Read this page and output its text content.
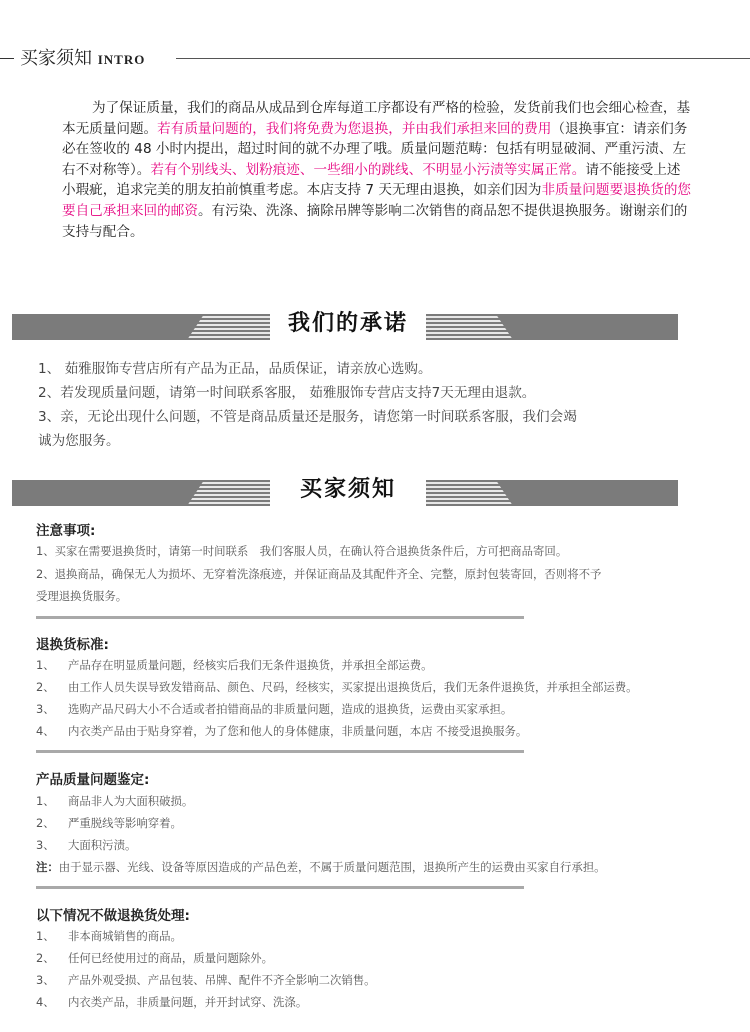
买家须知 INTRO
为了保证质量，我们的商品从成品到仓库每道工序都设有严格的检验，发货前我们也会细心检查，基本无质量问题。若有质量问题的，我们将免费为您退换，并由我们承担来回的费用（退换事宜：请亲们务必在签收的 48 小时内提出，超过时间的就不办理了哦。质量问题范畴：包括有明显破洞、严重污渍、左右不对称等）。若有个别线头、划粉痕迹、一些细小的跳线、不明显小污渍等实属正常。请不能接受上述小瑕疵，追求完美的朋友拍前慎重考虑。本店支持 7 天无理由退换，如亲们因为非质量问题要退换货的您要自己承担来回的邮资。有污染、洗涤、摘除吊牌等影响二次销售的商品恕不提供退换服务。谢谢亲们的支持与配合。
我们的承诺
1、 茹雅服饰专营店所有产品为正品，品质保证，请亲放心选购。
2、若发现质量问题，请第一时间联系客服， 茹雅服饰专营店支持7天无理由退款。
3、亲，无论出现什么问题，不管是商品质量还是服务，请您第一时间联系客服，我们会竭
诚为您服务。
买家须知
注意事项:
1、买家在需要退换货时，请第一时间联系　我们客服人员，在确认符合退换货条件后，方可把商品寄回。
2、退换商品，确保无人为损坏、无穿着洗涤痕迹，并保证商品及其配件齐全、完整，原封包装寄回，否则将不予
受理退换货服务。
退换货标准:
1、 产品存在明显质量问题，经核实后我们无条件退换货，并承担全部运费。
2、 由工作人员失误导致发错商品、颜色、尺码，经核实，买家提出退换货后，我们无条件退换货，并承担全部运费。
3、 选购产品尺码大小不合适或者拍错商品的非质量问题，造成的退换货，运费由买家承担。
4、 内衣类产品由于贴身穿着，为了您和他人的身体健康，非质量问题，本店 不接受退换服务。
产品质量问题鉴定:
1、 商品非人为大面积破损。
2、 严重脱线等影响穿着。
3、 大面积污渍。
注：由于显示器、光线、设备等原因造成的产品色差，不属于质量问题范围，退换所产生的运费由买家自行承担。
以下情况不做退换货处理:
1、 非本商城销售的商品。
2、 任何已经使用过的商品，质量问题除外。
3、 产品外观受损、产品包装、吊牌、配件不齐全影响二次销售。
4、 内衣类产品，非质量问题，并开封试穿、洗涤。
